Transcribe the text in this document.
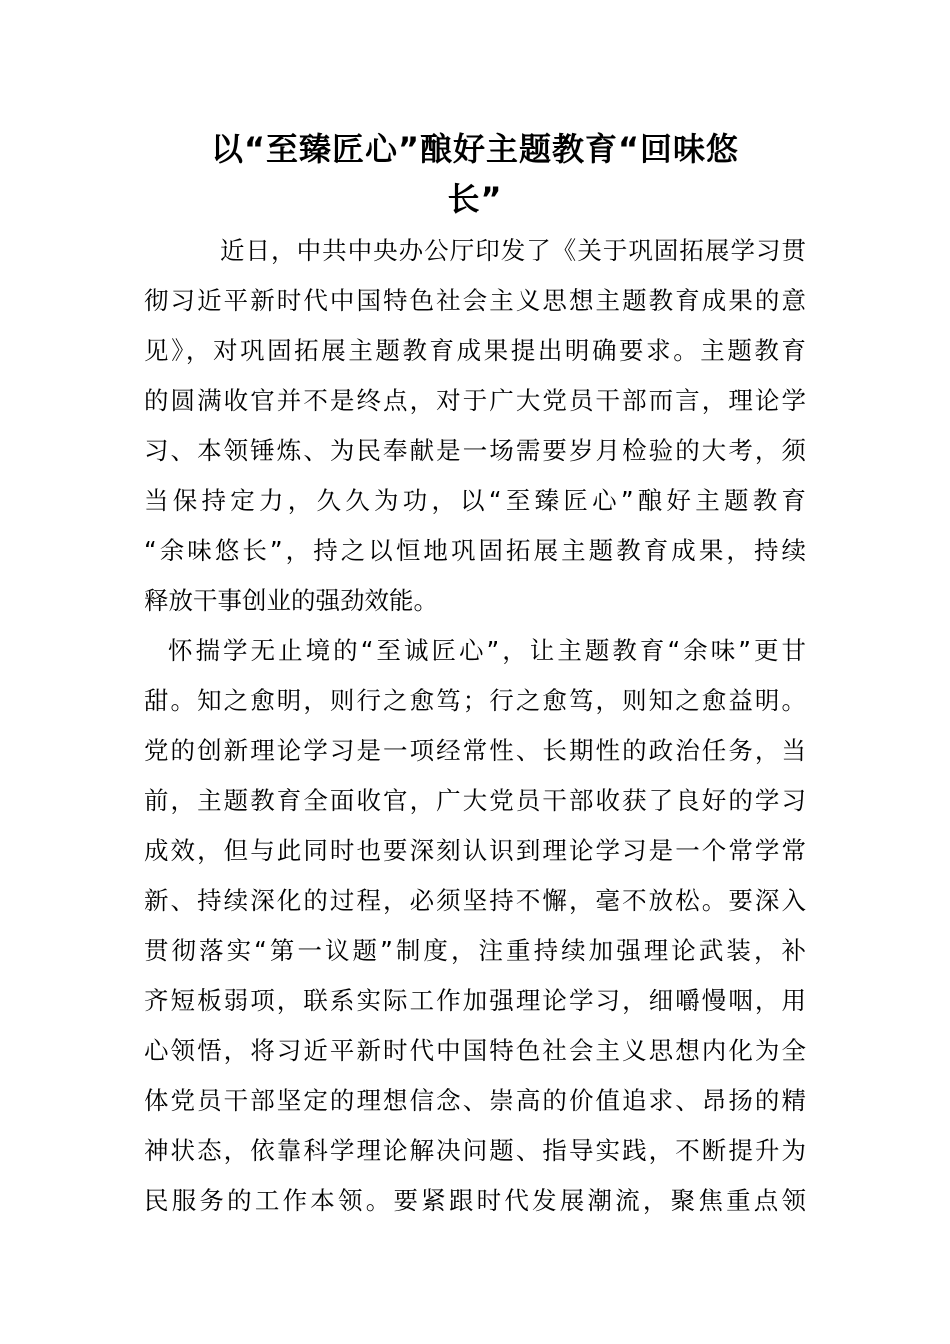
以“至臻匠心”酿好主题教育“回味悠
长”
近日，中共中央办公厅印发了《关于巩固拓展学习贯
彻习近平新时代中国特色社会主义思想主题教育成果的意
见》，对巩固拓展主题教育成果提出明确要求。主题教育
的圆满收官并不是终点，对于广大党员干部而言，理论学
习、本领锤炼、为民奉献是一场需要岁月检验的大考，须
当保持定力，久久为功，以“至臻匠心”酿好主题教育
“余味悠长”，持之以恒地巩固拓展主题教育成果，持续
释放干事创业的强劲效能。
怀揣学无止境的“至诚匠心”，让主题教育“余味”更甘
甜。知之愈明，则行之愈笃；行之愈笃，则知之愈益明。
党的创新理论学习是一项经常性、长期性的政治任务，当
前，主题教育全面收官，广大党员干部收获了良好的学习
成效，但与此同时也要深刻认识到理论学习是一个常学常
新、持续深化的过程，必须坚持不懈，毫不放松。要深入
贯彻落实“第一议题”制度，注重持续加强理论武装，补
齐短板弱项，联系实际工作加强理论学习，细嚼慢咽，用
心领悟，将习近平新时代中国特色社会主义思想内化为全
体党员干部坚定的理想信念、崇高的价值追求、昂扬的精
神状态，依靠科学理论解决问题、指导实践，不断提升为
民服务的工作本领。要紧跟时代发展潮流，聚焦重点领
